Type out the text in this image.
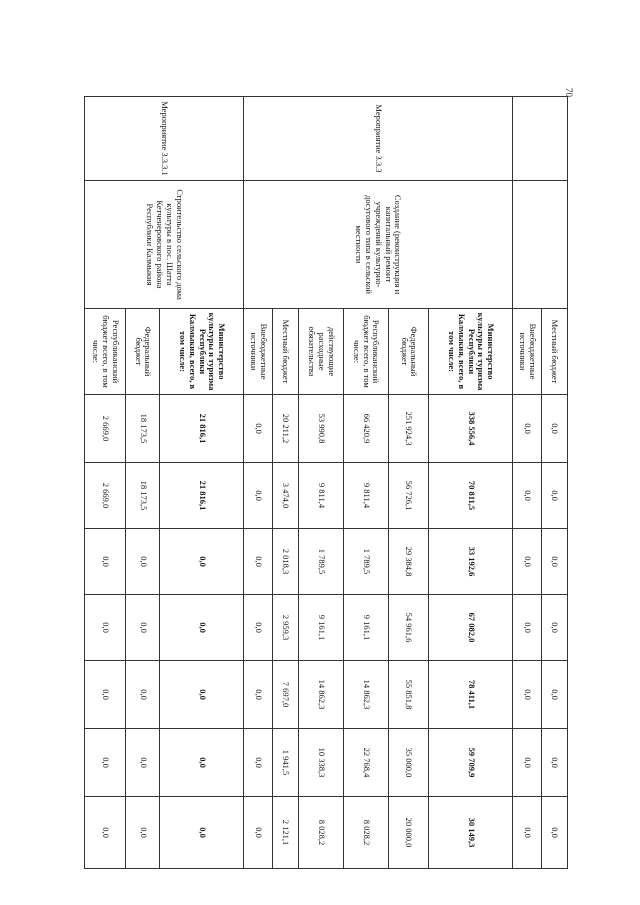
70
		Местный бюджет	0,0	0,0	0,0	0,0	0,0	0,0	0,0
		Внебюджетные источники	0,0	0,0	0,0	0,0	0,0	0,0	0,0
Мероприятие 3.3.3	Создание (реконструкция и капитальный ремонт учреждений культурно-досугового типа в сельской местности	Министерство культуры и туризма Республики Калмыкия, всего, в том числе:	338 556,4	70 811,5	33 192,6	67 082,0	78 411,1	59 709,9	30 149,3
		Федеральный бюджет	251 924,3	56 726,1	29 384,8	54 961,6	55 851,8	35 000,0	20 000,0
		Республиканский бюджет всего, в том числе:	66 420,9	9 811,4	1 789,5	9 161,1	14 862,3	22 768,4	8 028,2
		действующие расходные обязательства	53 990,8	9 811,4	1 789,5	9 161,1	14 862,3	10 338,3	8 028,2
		Местный бюджет	20 211,2	3 474,0	2 018,3	2 959,3	7 697,0	1 941,5	2 121,1
		Внебюджетные источники	0,0	0,0	0,0	0,0	0,0	0,0	0,0
Мероприятие 3.3.3.1	Строительство сельского дома культуры в пос. Шатта Кетченеровского района Республики Калмыкия	Министерство культуры и туризма Республики Калмыкия, всего, в том числе:	21 816,1	21 816,1	0,0	0,0	0,0	0,0	0,0
		Федеральный бюджет	18 173,5	18 173,5	0,0	0,0	0,0	0,0	0,0
		Республиканский бюджет всего, в том числе:	2 669,0	2 669,0	0,0	0,0	0,0	0,0	0,0
